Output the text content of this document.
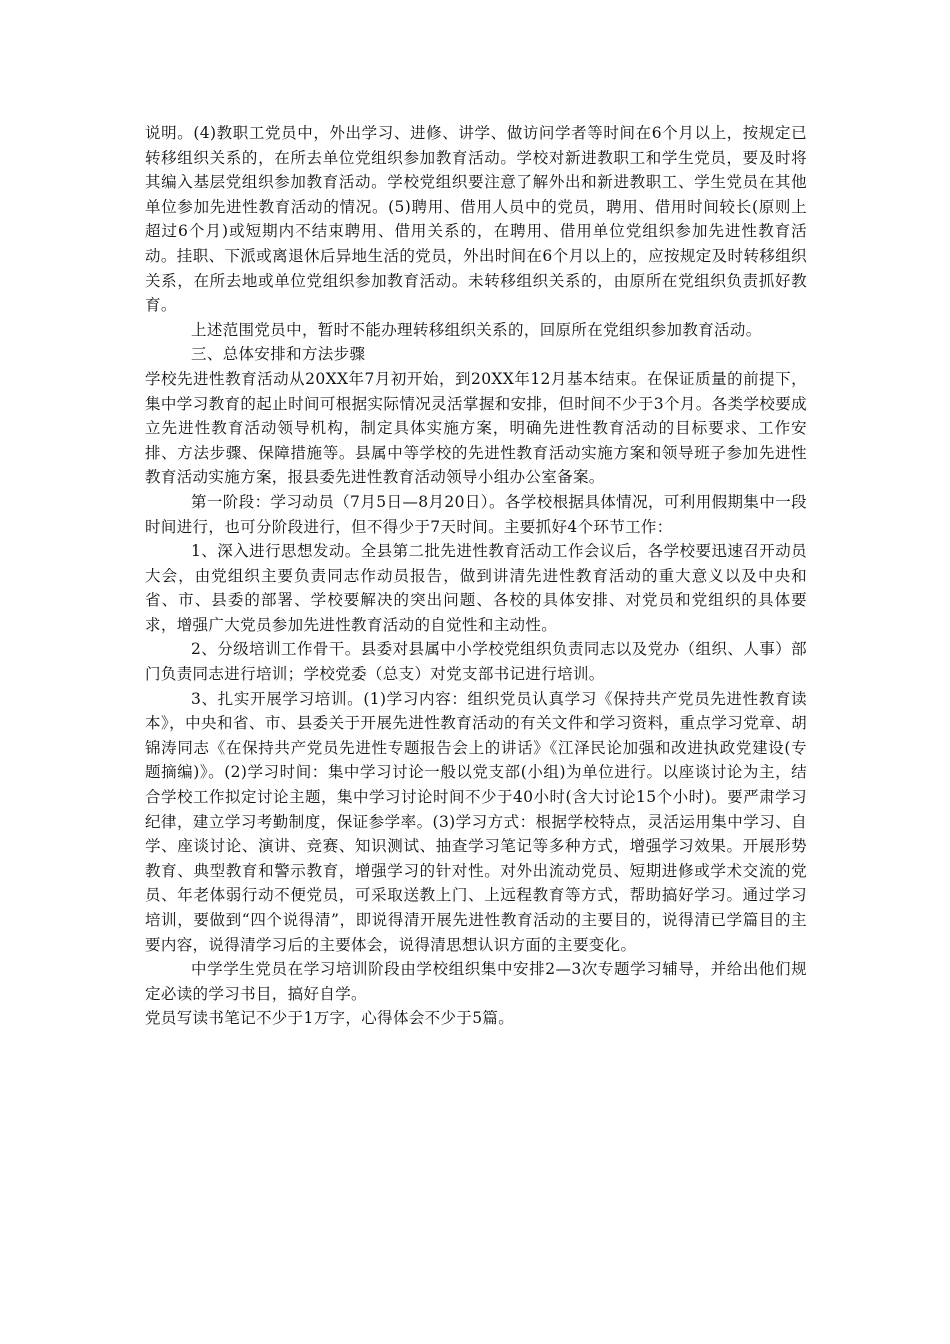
说明。(4)教职工党员中，外出学习、进修、讲学、做访问学者等时间在6个月以上，按规定已转移组织关系的，在所去单位党组织参加教育活动。学校对新进教职工和学生党员，要及时将其编入基层党组织参加教育活动。学校党组织要注意了解外出和新进教职工、学生党员在其他单位参加先进性教育活动的情况。(5)聘用、借用人员中的党员，聘用、借用时间较长(原则上超过6个月)或短期内不结束聘用、借用关系的，在聘用、借用单位党组织参加先进性教育活动。挂职、下派或离退休后异地生活的党员，外出时间在6个月以上的，应按规定及时转移组织关系，在所去地或单位党组织参加教育活动。未转移组织关系的，由原所在党组织负责抓好教育。

上述范围党员中，暂时不能办理转移组织关系的，回原所在党组织参加教育活动。

三、总体安排和方法步骤

学校先进性教育活动从20XX年7月初开始，到20XX年12月基本结束。在保证质量的前提下，集中学习教育的起止时间可根据实际情况灵活掌握和安排，但时间不少于3个月。各类学校要成立先进性教育活动领导机构，制定具体实施方案，明确先进性教育活动的目标要求、工作安排、方法步骤、保障措施等。县属中等学校的先进性教育活动实施方案和领导班子参加先进性教育活动实施方案，报县委先进性教育活动领导小组办公室备案。

第一阶段：学习动员（7月5日—8月20日）。各学校根据具体情况，可利用假期集中一段时间进行，也可分阶段进行，但不得少于7天时间。主要抓好4个环节工作：

1、深入进行思想发动。全县第二批先进性教育活动工作会议后，各学校要迅速召开动员大会，由党组织主要负责同志作动员报告，做到讲清先进性教育活动的重大意义以及中央和省、市、县委的部署、学校要解决的突出问题、各校的具体安排、对党员和党组织的具体要求，增强广大党员参加先进性教育活动的自觉性和主动性。

2、分级培训工作骨干。县委对县属中小学校党组织负责同志以及党办（组织、人事）部门负责同志进行培训；学校党委（总支）对党支部书记进行培训。

3、扎实开展学习培训。(1)学习内容：组织党员认真学习《保持共产党员先进性教育读本》，中央和省、市、县委关于开展先进性教育活动的有关文件和学习资料，重点学习党章、胡锦涛同志《在保持共产党员先进性专题报告会上的讲话》《江泽民论加强和改进执政党建设(专题摘编)》。(2)学习时间：集中学习讨论一般以党支部(小组)为单位进行。以座谈讨论为主，结合学校工作拟定讨论主题，集中学习讨论时间不少于40小时(含大讨论15个小时)。要严肃学习纪律，建立学习考勤制度，保证参学率。(3)学习方式：根据学校特点，灵活运用集中学习、自学、座谈讨论、演讲、竞赛、知识测试、抽查学习笔记等多种方式，增强学习效果。开展形势教育、典型教育和警示教育，增强学习的针对性。对外出流动党员、短期进修或学术交流的党员、年老体弱行动不便党员，可采取送教上门、上远程教育等方式，帮助搞好学习。通过学习培训，要做到“四个说得清”，即说得清开展先进性教育活动的主要目的，说得清已学篇目的主要内容，说得清学习后的主要体会，说得清思想认识方面的主要变化。

中学学生党员在学习培训阶段由学校组织集中安排2—3次专题学习辅导，并给出他们规定必读的学习书目，搞好自学。

党员写读书笔记不少于1万字，心得体会不少于5篇。
